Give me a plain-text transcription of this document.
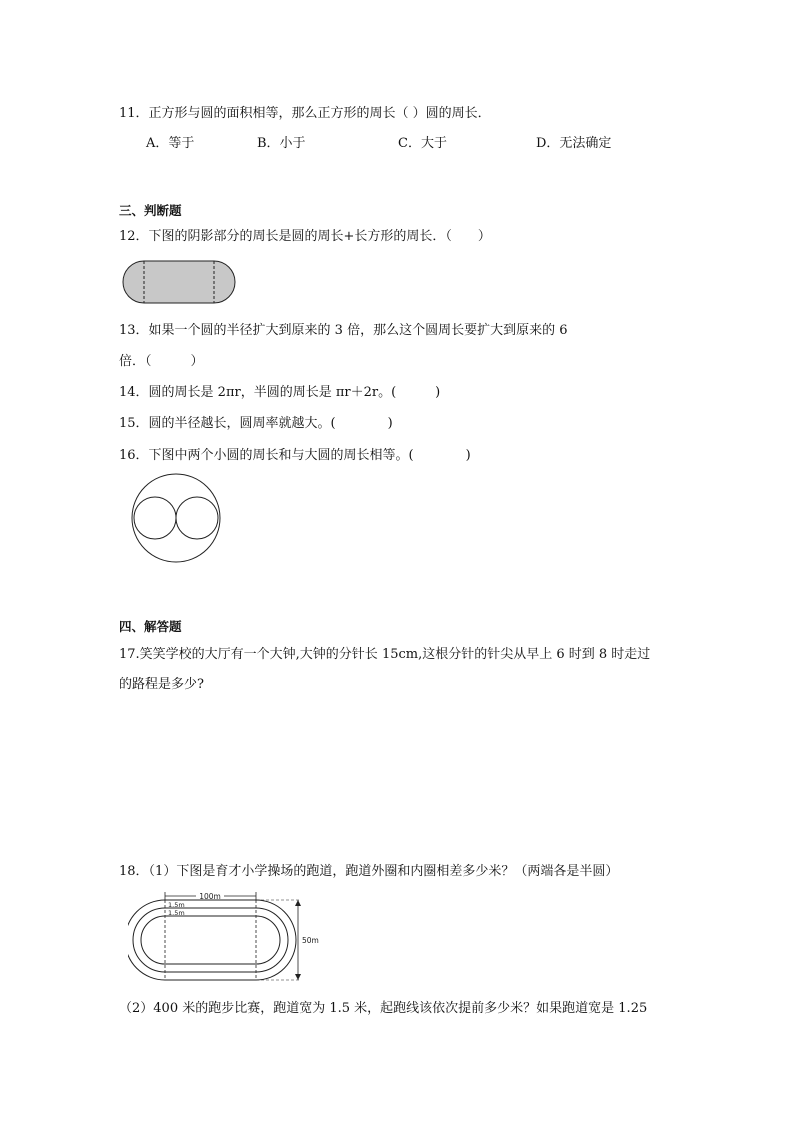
11．正方形与圆的面积相等，那么正方形的周长（ ）圆的周长．
A．等于	B．小于	C．大于	D．无法确定
三、判断题
12．下图的阴影部分的周长是圆的周长+长方形的周长．（　　）
13．如果一个圆的半径扩大到原来的 3 倍，那么这个圆周长要扩大到原来的 6
倍．（　　　）
14．圆的周长是 2πr，半圆的周长是 πr＋2r。(　　　)
15．圆的半径越长，圆周率就越大。(　　　　)
16．下图中两个小圆的周长和与大圆的周长相等。(　　　　)
四、解答题
17.笑笑学校的大厅有一个大钟,大钟的分针长 15cm,这根分针的针尖从早上 6 时到 8 时走过
的路程是多少?
18．（1）下图是育才小学操场的跑道，跑道外圈和内圈相差多少米？（两端各是半圆）
100m
1.5m
1.5m
50m
（2）400 米的跑步比赛，跑道宽为 1.5 米，起跑线该依次提前多少米？如果跑道宽是 1.25
